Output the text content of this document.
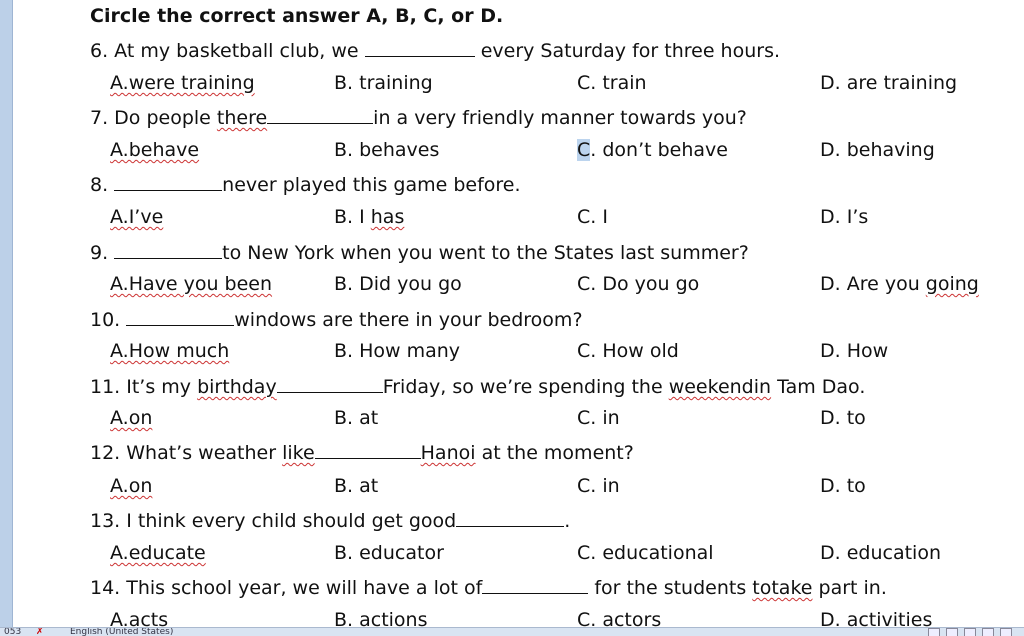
Circle the correct answer A, B, C, or D.
6. At my basketball club, we	every Saturday for three hours.
A.were training	B. training	C. train	D. are training
7. Do people there	in a very friendly manner towards you?
A.behave	B. behaves	C. don’t behave	D. behaving
8.	never played this game before.
A.I’ve	B. I has	C. I	D. I’s
9.	to New York when you went to the States last summer?
A.Have you been	B. Did you go	C. Do you go	D. Are you going
10.	windows are there in your bedroom?
A.How much	B. How many	C. How old	D. How
11. It’s my birthday	Friday, so we’re spending the weekendin Tam Dao.
A.on	B. at	C. in	D. to
12. What’s weather like	Hanoi at the moment?
A.on	B. at	C. in	D. to
13. I think every child should get good	.
A.educate	B. educator	C. educational	D. education
14. This school year, we will have a lot of	for the students totake part in.
A.acts	B. actions	C. actors	D. activities
053 ✗	English (United States)
